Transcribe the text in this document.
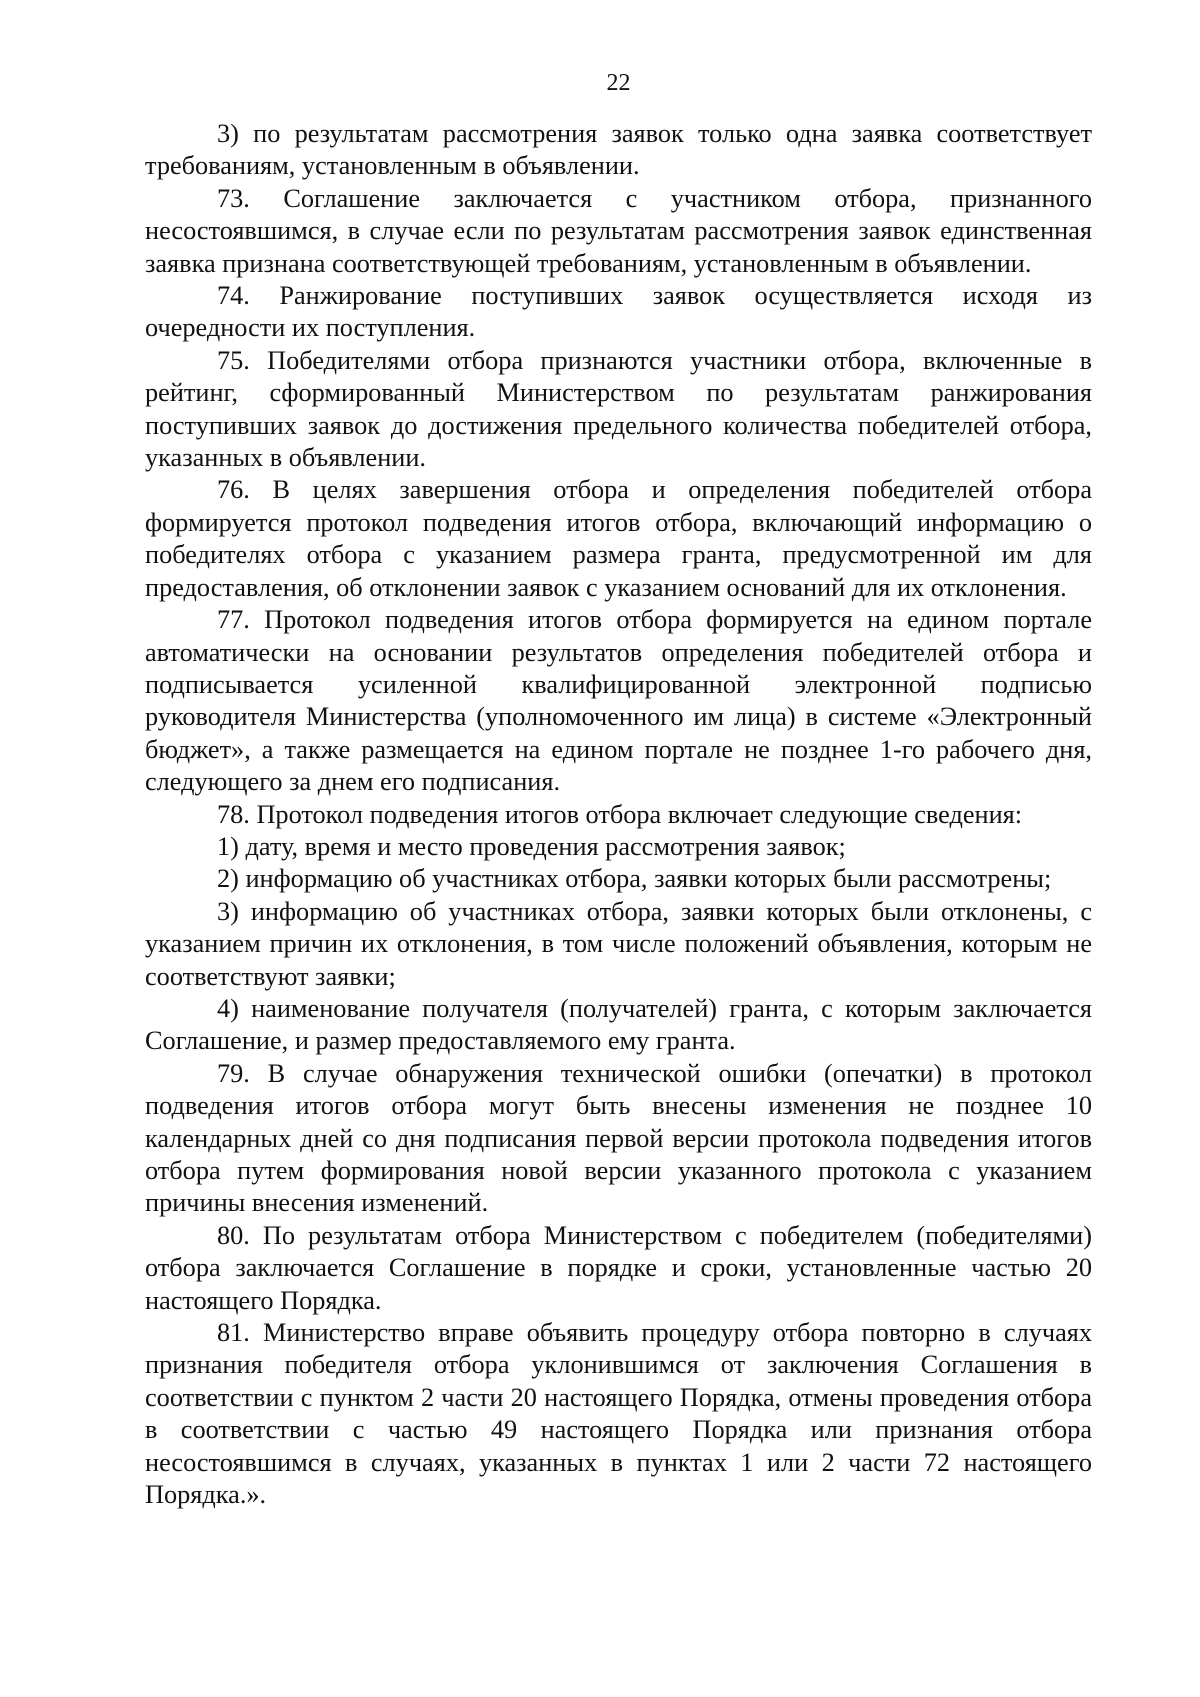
22

3) по результатам рассмотрения заявок только одна заявка соответствует требованиям, установленным в объявлении.

73. Соглашение заключается с участником отбора, признанного несостоявшимся, в случае если по результатам рассмотрения заявок единственная заявка признана соответствующей требованиям, установленным в объявлении.

74. Ранжирование поступивших заявок осуществляется исходя из очередности их поступления.

75. Победителями отбора признаются участники отбора, включенные в рейтинг, сформированный Министерством по результатам ранжирования поступивших заявок до достижения предельного количества победителей отбора, указанных в объявлении.

76. В целях завершения отбора и определения победителей отбора формируется протокол подведения итогов отбора, включающий информацию о победителях отбора с указанием размера гранта, предусмотренной им для предоставления, об отклонении заявок с указанием оснований для их отклонения.

77. Протокол подведения итогов отбора формируется на едином портале автоматически на основании результатов определения победителей отбора и подписывается усиленной квалифицированной электронной подписью руководителя Министерства (уполномоченного им лица) в системе «Электронный бюджет», а также размещается на едином портале не позднее 1-го рабочего дня, следующего за днем его подписания.

78. Протокол подведения итогов отбора включает следующие сведения:

1) дату, время и место проведения рассмотрения заявок;

2) информацию об участниках отбора, заявки которых были рассмотрены;

3) информацию об участниках отбора, заявки которых были отклонены, с указанием причин их отклонения, в том числе положений объявления, которым не соответствуют заявки;

4) наименование получателя (получателей) гранта, с которым заключается Соглашение, и размер предоставляемого ему гранта.

79. В случае обнаружения технической ошибки (опечатки) в протокол подведения итогов отбора могут быть внесены изменения не позднее 10 календарных дней со дня подписания первой версии протокола подведения итогов отбора путем формирования новой версии указанного протокола с указанием причины внесения изменений.

80. По результатам отбора Министерством с победителем (победителями) отбора заключается Соглашение в порядке и сроки, установленные частью 20 настоящего Порядка.

81. Министерство вправе объявить процедуру отбора повторно в случаях признания победителя отбора уклонившимся от заключения Соглашения в соответствии с пунктом 2 части 20 настоящего Порядка, отмены проведения отбора в соответствии с частью 49 настоящего Порядка или признания отбора несостоявшимся в случаях, указанных в пунктах 1 или 2 части 72 настоящего Порядка.».
